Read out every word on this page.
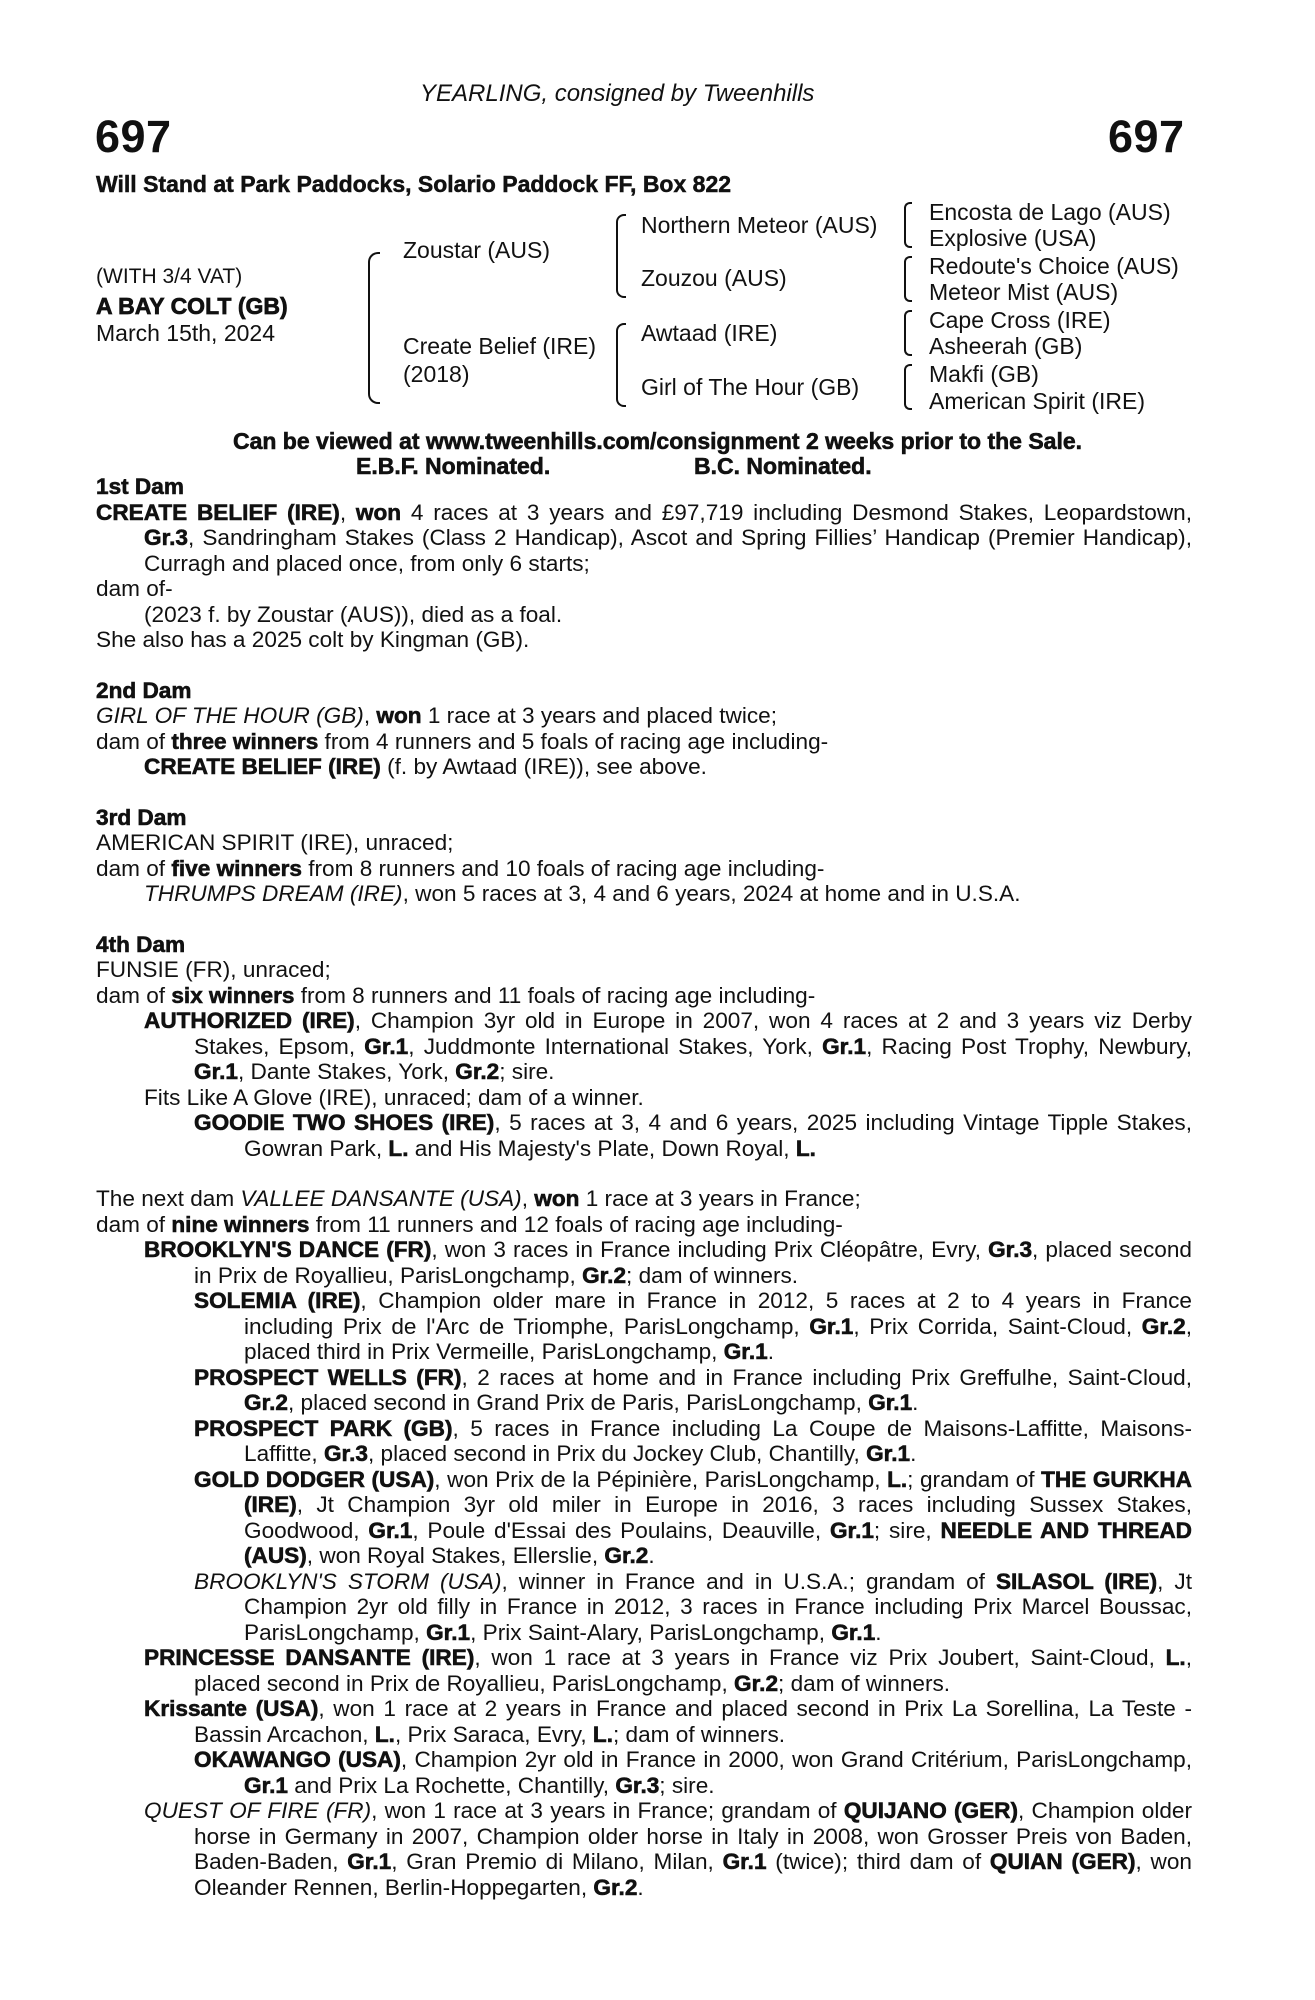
YEARLING, consigned by Tweenhills
697	697
Will Stand at Park Paddocks, Solario Paddock FF, Box 822
(WITH 3/4 VAT)
A BAY COLT (GB)
March 15th, 2024
Zoustar (AUS)
Create Belief (IRE)
(2018)
Northern Meteor (AUS)
Zouzou (AUS)
Awtaad (IRE)
Girl of The Hour (GB)
Encosta de Lago (AUS)
Explosive (USA)
Redoute's Choice (AUS)
Meteor Mist (AUS)
Cape Cross (IRE)
Asheerah (GB)
Makfi (GB)
American Spirit (IRE)
Can be viewed at www.tweenhills.com/consignment 2 weeks prior to the Sale.
E.B.F. Nominated.	B.C. Nominated.

1st Dam

CREATE BELIEF (IRE), won 4 races at 3 years and £97,719 including Desmond Stakes, Leopardstown, Gr.3, Sandringham Stakes (Class 2 Handicap), Ascot and Spring Fillies’ Handicap (Premier Handicap), Curragh and placed once, from only 6 starts;

dam of-

(2023 f. by Zoustar (AUS)), died as a foal.

She also has a 2025 colt by Kingman (GB).

2nd Dam

GIRL OF THE HOUR (GB), won 1 race at 3 years and placed twice;

dam of three winners from 4 runners and 5 foals of racing age including-

CREATE BELIEF (IRE) (f. by Awtaad (IRE)), see above.

3rd Dam

AMERICAN SPIRIT (IRE), unraced;

dam of five winners from 8 runners and 10 foals of racing age including-

THRUMPS DREAM (IRE), won 5 races at 3, 4 and 6 years, 2024 at home and in U.S.A.

4th Dam

FUNSIE (FR), unraced;

dam of six winners from 8 runners and 11 foals of racing age including-

AUTHORIZED (IRE), Champion 3yr old in Europe in 2007, won 4 races at 2 and 3 years viz Derby Stakes, Epsom, Gr.1, Juddmonte International Stakes, York, Gr.1, Racing Post Trophy, Newbury, Gr.1, Dante Stakes, York, Gr.2; sire.

Fits Like A Glove (IRE), unraced; dam of a winner.

GOODIE TWO SHOES (IRE), 5 races at 3, 4 and 6 years, 2025 including Vintage Tipple Stakes, Gowran Park, L. and His Majesty's Plate, Down Royal, L.

The next dam VALLEE DANSANTE (USA), won 1 race at 3 years in France;

dam of nine winners from 11 runners and 12 foals of racing age including-

BROOKLYN'S DANCE (FR), won 3 races in France including Prix Cléopâtre, Evry, Gr.3, placed second in Prix de Royallieu, ParisLongchamp, Gr.2; dam of winners.

SOLEMIA (IRE), Champion older mare in France in 2012, 5 races at 2 to 4 years in France including Prix de l'Arc de Triomphe, ParisLongchamp, Gr.1, Prix Corrida, Saint-Cloud, Gr.2, placed third in Prix Vermeille, ParisLongchamp, Gr.1.

PROSPECT WELLS (FR), 2 races at home and in France including Prix Greffulhe, Saint-Cloud, Gr.2, placed second in Grand Prix de Paris, ParisLongchamp, Gr.1.

PROSPECT PARK (GB), 5 races in France including La Coupe de Maisons-Laffitte, Maisons-Laffitte, Gr.3, placed second in Prix du Jockey Club, Chantilly, Gr.1.

GOLD DODGER (USA), won Prix de la Pépinière, ParisLongchamp, L.; grandam of THE GURKHA (IRE), Jt Champion 3yr old miler in Europe in 2016, 3 races including Sussex Stakes, Goodwood, Gr.1, Poule d'Essai des Poulains, Deauville, Gr.1; sire, NEEDLE AND THREAD (AUS), won Royal Stakes, Ellerslie, Gr.2.

BROOKLYN'S STORM (USA), winner in France and in U.S.A.; grandam of SILASOL (IRE), Jt Champion 2yr old filly in France in 2012, 3 races in France including Prix Marcel Boussac, ParisLongchamp, Gr.1, Prix Saint-Alary, ParisLongchamp, Gr.1.

PRINCESSE DANSANTE (IRE), won 1 race at 3 years in France viz Prix Joubert, Saint-Cloud, L., placed second in Prix de Royallieu, ParisLongchamp, Gr.2; dam of winners.

Krissante (USA), won 1 race at 2 years in France and placed second in Prix La Sorellina, La Teste - Bassin Arcachon, L., Prix Saraca, Evry, L.; dam of winners.

OKAWANGO (USA), Champion 2yr old in France in 2000, won Grand Critérium, ParisLongchamp, Gr.1 and Prix La Rochette, Chantilly, Gr.3; sire.

QUEST OF FIRE (FR), won 1 race at 3 years in France; grandam of QUIJANO (GER), Champion older horse in Germany in 2007, Champion older horse in Italy in 2008, won Grosser Preis von Baden, Baden-Baden, Gr.1, Gran Premio di Milano, Milan, Gr.1 (twice); third dam of QUIAN (GER), won Oleander Rennen, Berlin-Hoppegarten, Gr.2.
